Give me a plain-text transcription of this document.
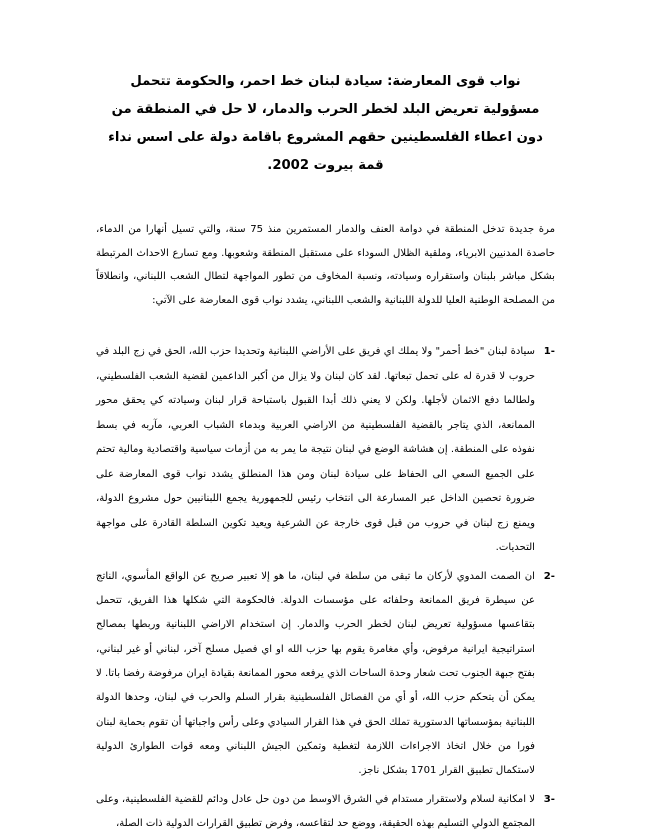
نواب قوى المعارضة: سيادة لبنان خط احمر، والحكومة تتحمل مسؤولية تعريض البلد لخطر الحرب والدمار، لا حل في المنطقة من دون اعطاء الفلسطينين حقهم المشروع باقامة دولة على اسس نداء قمة بيروت 2002.
مرة جديدة تدخل المنطقة في دوامة العنف والدمار المستمرين منذ 75 سنة، والتي تسيل أنهارا من الدماء، حاصدة المدنيين الابرياء، وملقية الظلال السوداء على مستقبل المنطقة وشعوبها. ومع تسارع الاحداث المرتبطة بشكل مباشر بلبنان واستقراره وسيادته، ونسبة المخاوف من تطور المواجهة لتطال الشعب اللبناني، وانطلاقاً من المصلحة الوطنية العليا للدولة اللبنانية والشعب اللبناني، يشدد نواب قوى المعارضة على الآتي:
-1
سيادة لبنان "خط أحمر" ولا يملك اي فريق على الأراضي اللبنانية وتحديدا حزب الله، الحق في زج البلد في حروب لا قدرة له على تحمل تبعاتها. لقد كان لبنان ولا يزال من أكبر الداعمين لقضية الشعب الفلسطيني، ولطالما دفع الاثمان لأجلها. ولكن لا يعني ذلك أبدا القبول باستباحة قرار لبنان وسيادته كي يحقق محور الممانعة، الذي يتاجر بالقضية الفلسطينية من الاراضي العربية وبدماء الشباب العربي، مآربه في بسط نفوذه على المنطقة. إن هشاشة الوضع في لبنان نتيجة ما يمر به من أزمات سياسية واقتصادية ومالية تحتم على الجميع السعي الى الحفاظ على سيادة لبنان ومن هذا المنطلق يشدد نواب قوى المعارضة على ضرورة تحصين الداخل عبر المسارعة الى انتخاب رئيس للجمهورية يجمع اللبنانيين حول مشروع الدولة، ويمنع زج لبنان في حروب من قبل قوى خارجة عن الشرعية ويعيد تكوين السلطة القادرة على مواجهة التحديات.
-2
ان الصمت المدوي لأركان ما تبقى من سلطة في لبنان، ما هو إلا تعبير صريح عن الواقع المأسوي، الناتج عن سيطرة فريق الممانعة وحلفائه على مؤسسات الدولة. فالحكومة التي شكلها هذا الفريق، تتحمل بتقاعسها مسؤولية تعريض لبنان لخطر الحرب والدمار. إن استخدام الاراضي اللبنانية وربطها بمصالح استراتيجية ايرانية مرفوض، وأي مغامرة يقوم بها حزب الله او اي فصيل مسلح آخر، لبناني أو غير لبناني، بفتح جبهة الجنوب تحت شعار وحدة الساحات الذي يرفعه محور الممانعة بقيادة ايران مرفوضة رفضا باتا. لا يمكن أن يتحكم حزب الله، أو أي من الفصائل الفلسطينية بقرار السلم والحرب في لبنان، وحدها الدولة اللبنانية بمؤسساتها الدستورية تملك الحق في هذا القرار السيادي وعلى رأس واجباتها أن تقوم بحماية لبنان فورا من خلال اتخاذ الاجراءات اللازمة لتغطية وتمكين الجيش اللبناني ومعه قوات الطوارئ الدولية لاستكمال تطبيق القرار 1701 بشكل ناجز.
-3
لا امكانية لسلام ولاستقرار مستدام في الشرق الاوسط من دون حل عادل ودائم للقضية الفلسطينية، وعلى المجتمع الدولي التسليم بهذه الحقيقة، ووضع حد لتقاعسه، وفرض تطبيق القرارات الدولية ذات الصلة،
